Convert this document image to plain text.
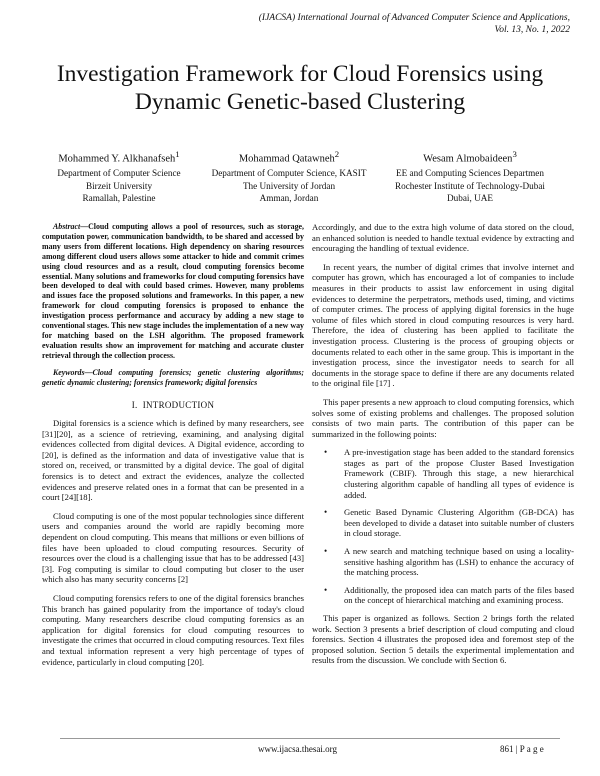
(IJACSA) International Journal of Advanced Computer Science and Applications,
Vol. 13, No. 1, 2022
Investigation Framework for Cloud Forensics using Dynamic Genetic-based Clustering
Mohammed Y. Alkhanafseh$^1$
Department of Computer Science
Birzeit University
Ramallah, Palestine
Mohammad Qatawneh$^2$
Department of Computer Science, KASIT
The University of Jordan
Amman, Jordan
Wesam Almobaideen$^3$
EE and Computing Sciences Departmen
Rochester Institute of Technology-Dubai
Dubai, UAE
Abstract—Cloud computing allows a pool of resources, such as storage, computation power, communication bandwidth, to be shared and accessed by many users from different locations. High dependency on sharing resources among different cloud users allows some attacker to hide and commit crimes using cloud resources and as a result, cloud computing forensics become essential. Many solutions and frameworks for cloud computing forensics have been developed to deal with could based crimes. However, many problems and issues face the proposed solutions and frameworks. In this paper, a new framework for cloud computing forensics is proposed to enhance the investigation process performance and accuracy by adding a new stage to conventional stages. This new stage includes the implementation of a new way for matching based on the LSH algorithm. The proposed framework evaluation results show an improvement for matching and accurate cluster retrieval through the collection process.
Keywords—Cloud computing forensics; genetic clustering algorithms; genetic dynamic clustering; forensics framework; digital forensics
I. INTRODUCTION

Digital forensics is a science which is defined by many researchers, see [31][20], as a science of retrieving, examining, and analysing digital evidences collected from digital devices. A Digital evidence, according to [20], is defined as the information and data of investigative value that is stored on, received, or transmitted by a digital device. The goal of digital forensics is to detect and extract the evidences, analyze the collected evidences and preserve related ones in a format that can be presented in a court [24][18].

Cloud computing is one of the most popular technologies since different users and companies around the world are rapidly becoming more dependent on cloud computing. This means that millions or even billions of files have been uploaded to cloud computing resources. Security of resources over the cloud is a challenging issue that has to be addressed [43] [3]. Fog computing is similar to cloud computing but closer to the user which also has many security concerns [2]

Cloud computing forensics refers to one of the digital forensics branches This branch has gained popularity from the importance of today's cloud computing. Many researchers describe cloud computing forensics as an application for digital forensics for cloud computing resources to investigate the crimes that occurred in cloud computing resources. Text files and textual information represent a very high percentage of types of evidence, particularly in cloud computing [20].

Accordingly, and due to the extra high volume of data stored on the cloud, an enhanced solution is needed to handle textual evidence by extracting and encouraging the handling of textual evidence.

In recent years, the number of digital crimes that involve internet and computer has grown, which has encouraged a lot of companies to include measures in their products to assist law enforcement in using digital evidences to determine the perpetrators, methods used, timing, and victims of computer crimes. The process of applying digital forensics in the huge volume of files which stored in cloud computing resources is very hard. Therefore, the idea of clustering has been applied to facilitate the investigation process. Clustering is the process of grouping objects or documents related to each other in the same group. This is important in the investigation process, since the investigator needs to search for all documents in the storage space to define if there are any documents related to the original file [17] .

This paper presents a new approach to cloud computing forensics, which solves some of existing problems and challenges. The proposed solution consists of two main parts. The contribution of this paper can be summarized in the following points:

• A pre-investigation stage has been added to the standard forensics stages as part of the propose Cluster Based Investigation Framework (CBIF). Through this stage, a new hierarchical clustering algorithm capable of handling all types of evidence is added.
• Genetic Based Dynamic Clustering Algorithm (GB-DCA) has been developed to divide a dataset into suitable number of clusters in cloud storage.
• A new search and matching technique based on using a locality-sensitive hashing algorithm has (LSH) to enhance the accuracy of the matching process.
• Additionally, the proposed idea can match parts of the files based on the concept of hierarchical matching and examining process.

This paper is organized as follows. Section 2 brings forth the related work. Section 3 presents a brief description of cloud computing and cloud forensics. Section 4 illustrates the proposed idea and foremost step of the proposed solution. Section 5 details the experimental implementation and results from the discussion. We conclude with Section 6.

www.ijacsa.thesai.org	861 | P a g e
